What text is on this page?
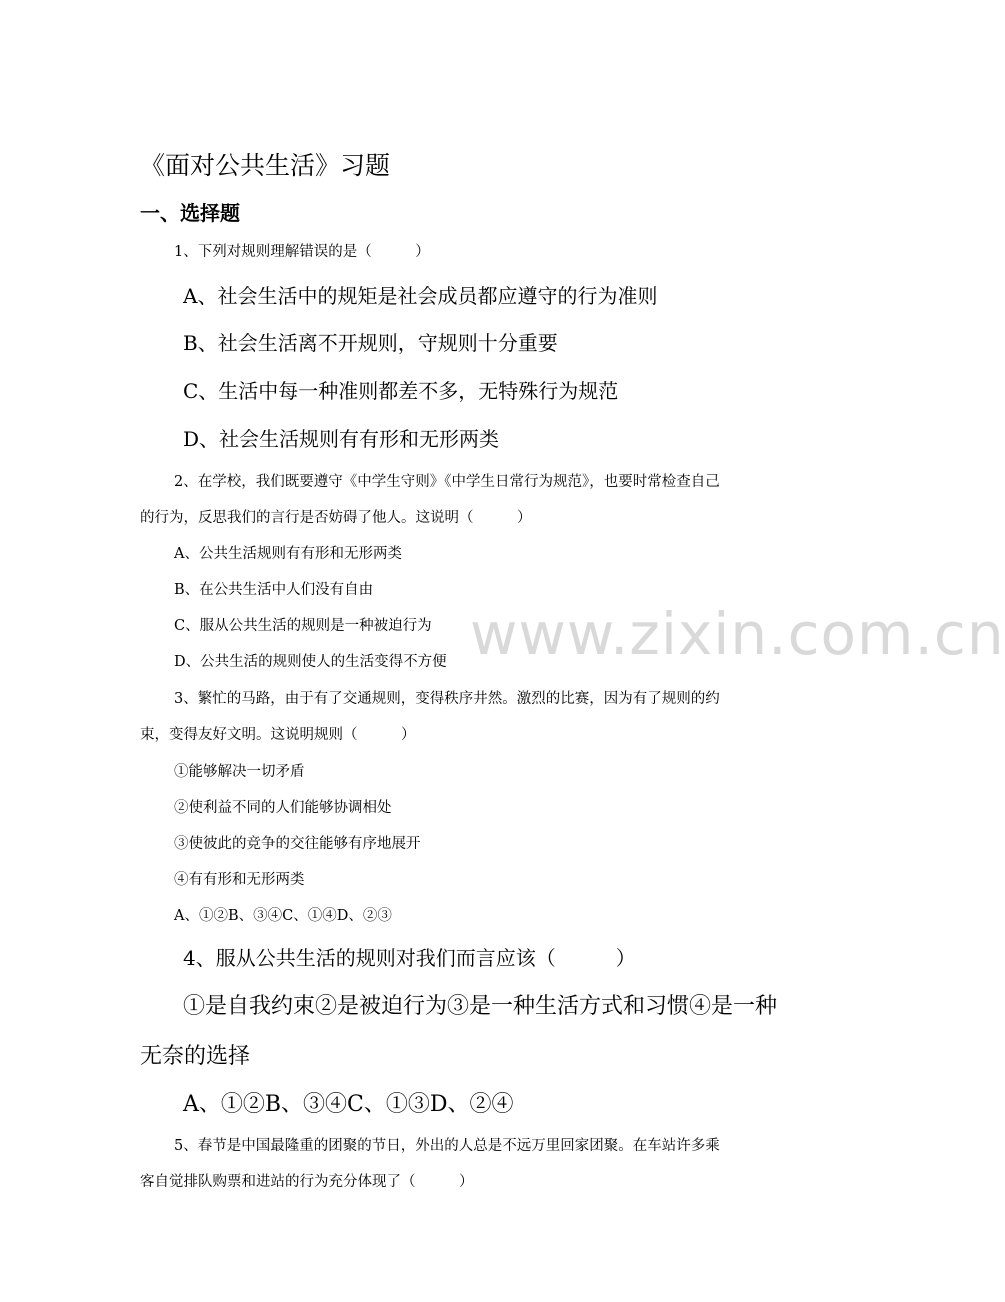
www.zixin.com.cn
《面对公共生活》习题
一、选择题
1、下列对规则理解错误的是（　　　）
A、社会生活中的规矩是社会成员都应遵守的行为准则
B、社会生活离不开规则，守规则十分重要
C、生活中每一种准则都差不多，无特殊行为规范
D、社会生活规则有有形和无形两类
2、在学校，我们既要遵守《中学生守则》《中学生日常行为规范》，也要时常检查自己
的行为，反思我们的言行是否妨碍了他人。这说明（　　　）
A、公共生活规则有有形和无形两类
B、在公共生活中人们没有自由
C、服从公共生活的规则是一种被迫行为
D、公共生活的规则使人的生活变得不方便
3、繁忙的马路，由于有了交通规则，变得秩序井然。激烈的比赛，因为有了规则的约
束，变得友好文明。这说明规则（　　　）
①能够解决一切矛盾
②使利益不同的人们能够协调相处
③使彼此的竞争的交往能够有序地展开
④有有形和无形两类
A、①②B、③④C、①④D、②③
4、服从公共生活的规则对我们而言应该（　　　）
①是自我约束②是被迫行为③是一种生活方式和习惯④是一种
无奈的选择
A、①②B、③④C、①③D、②④
5、春节是中国最隆重的团聚的节日，外出的人总是不远万里回家团聚。在车站许多乘
客自觉排队购票和进站的行为充分体现了（　　　）
